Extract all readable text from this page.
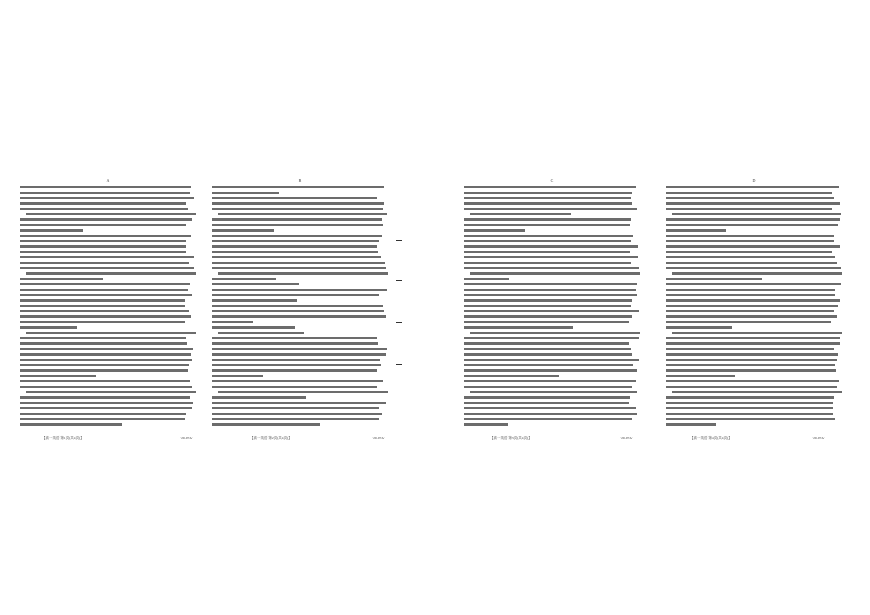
A	B
【高一英语 第1页(共4页)】	·20-07A·	【高一英语 第2页(共4页)】	·20-07A·
C	D
【高一英语 第3页(共4页)】	·20-07A·	【高一英语 第4页(共4页)】	·20-07A·
